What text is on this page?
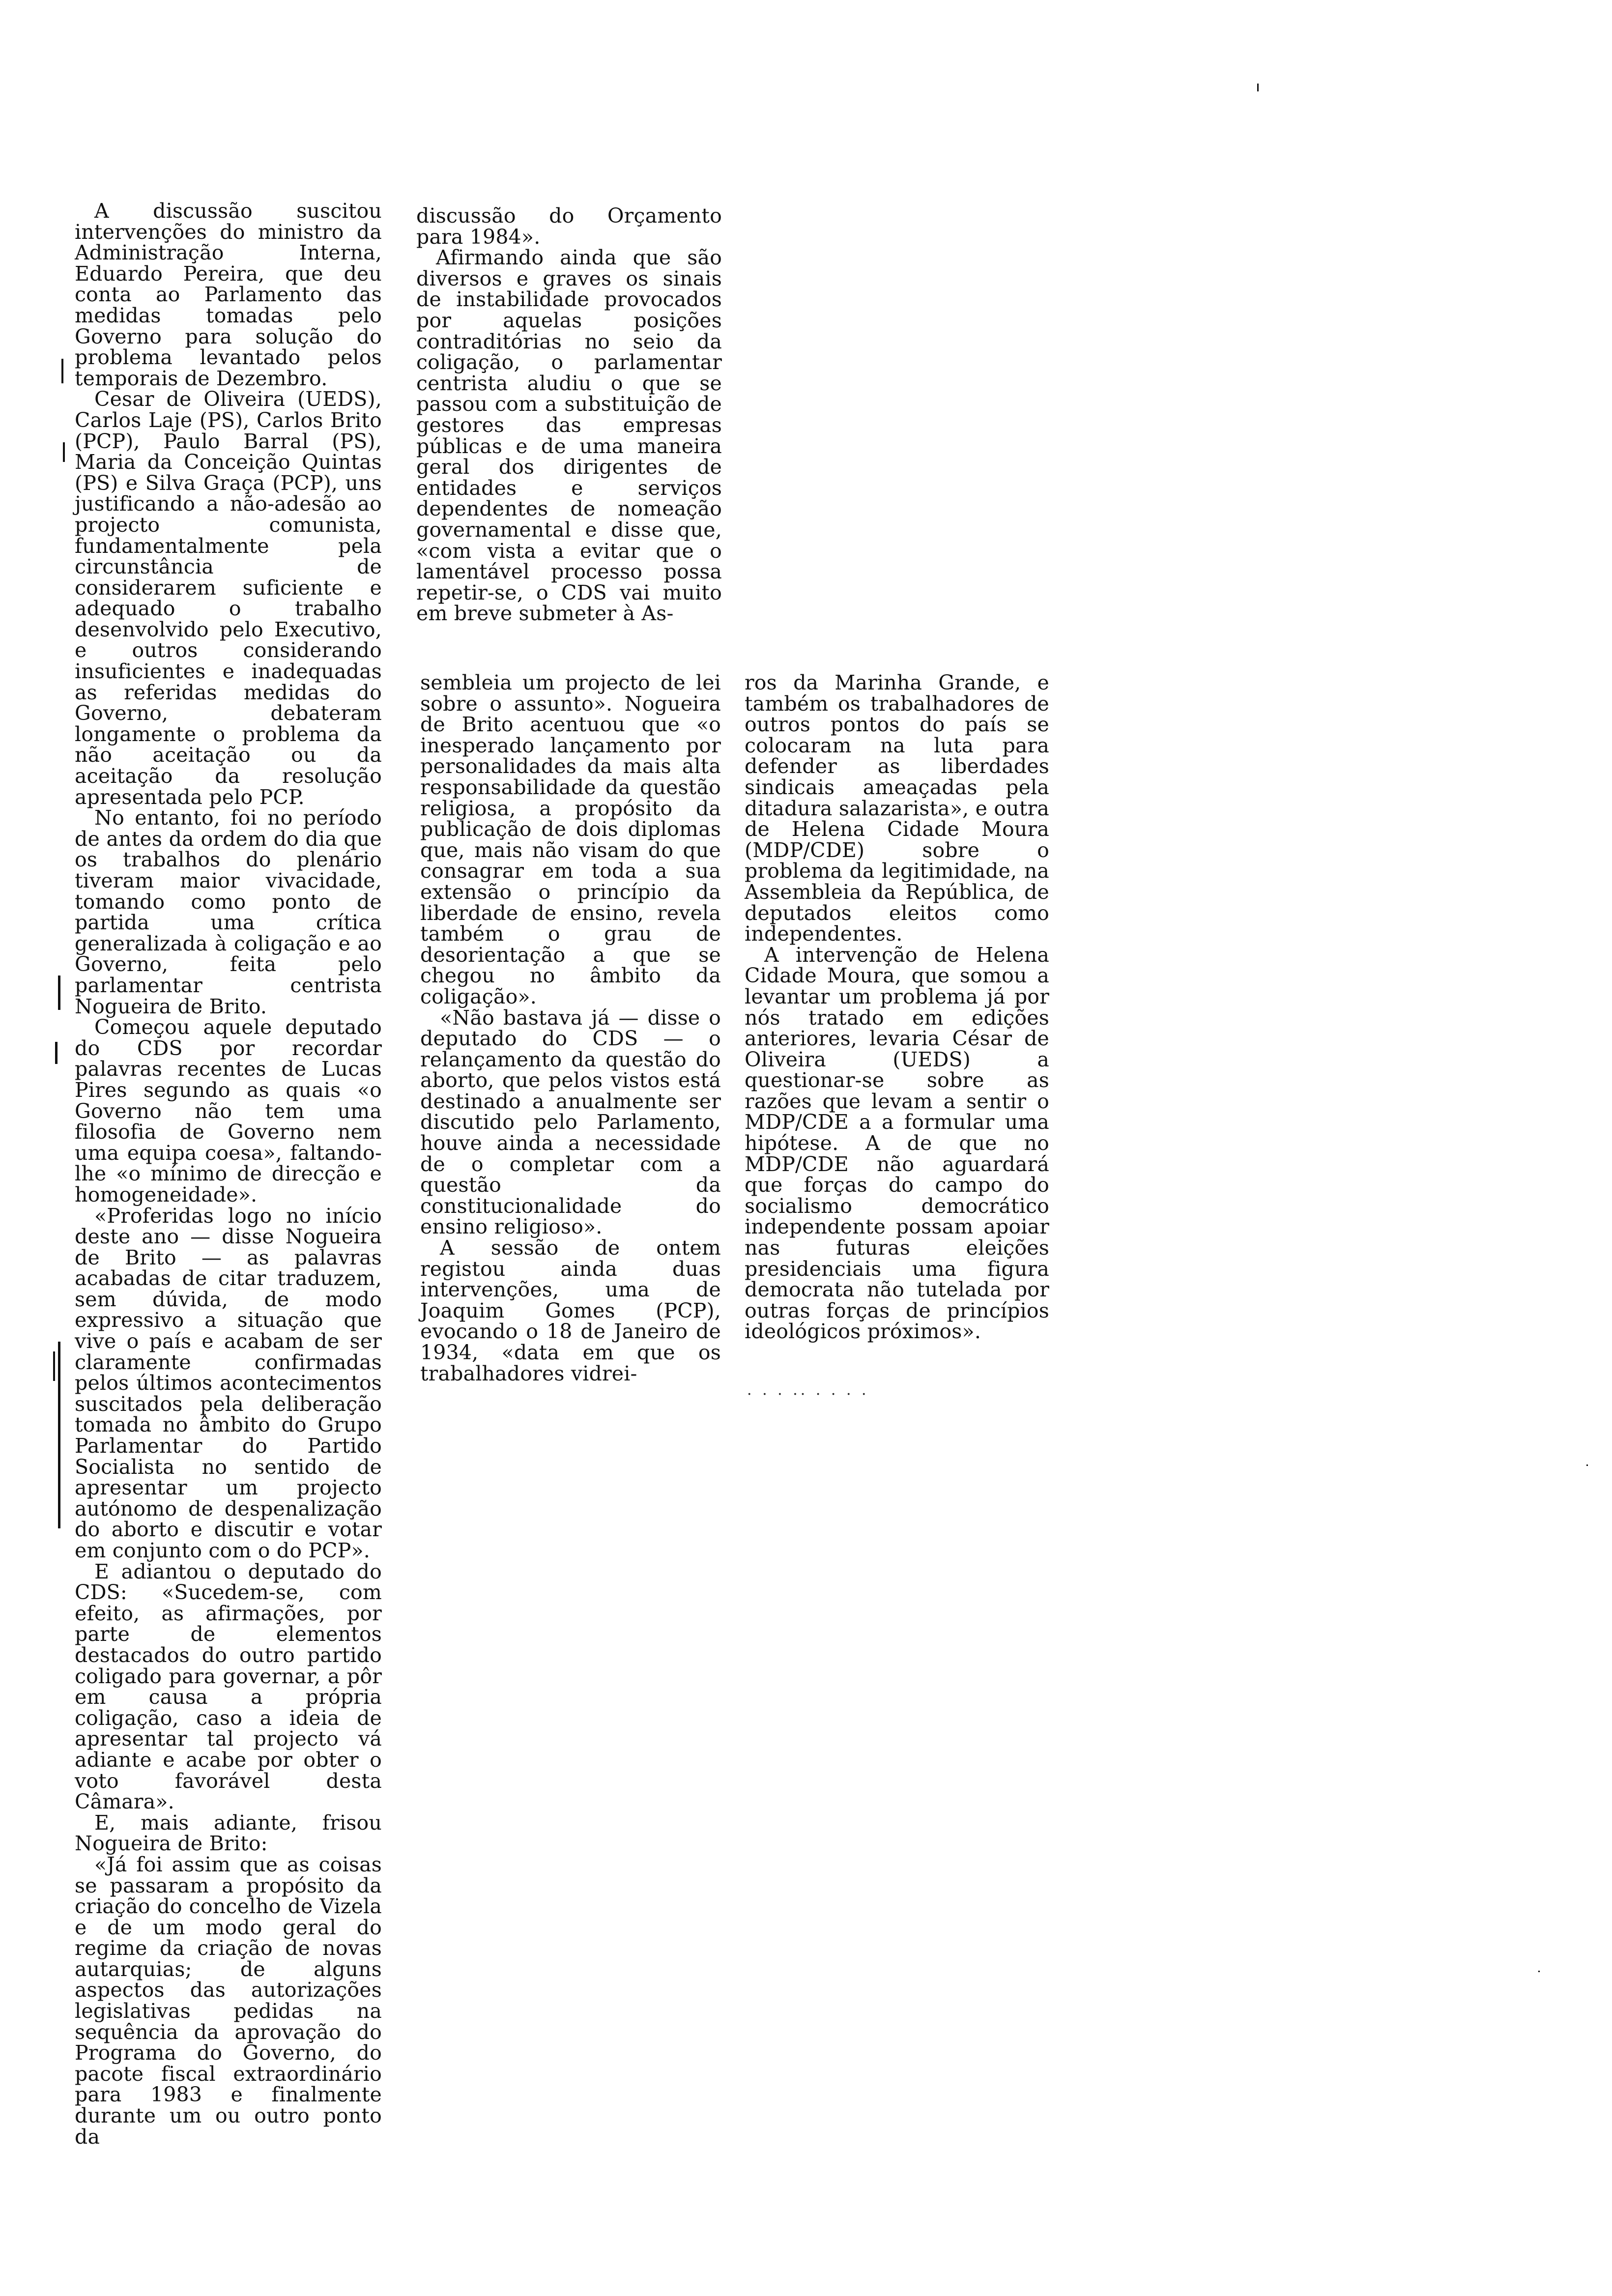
A discussão suscitou intervenções do ministro da Administração Interna, Eduardo Pereira, que deu conta ao Parlamento das medidas tomadas pelo Governo para solução do problema levantado pelos temporais de Dezembro.

Cesar de Oliveira (UEDS), Carlos Laje (PS), Carlos Brito (PCP), Paulo Barral (PS), Maria da Conceição Quintas (PS) e Silva Graça (PCP), uns justificando a não-adesão ao projecto comunista, fundamentalmente pela circunstância de considerarem suficiente e adequado o trabalho desenvolvido pelo Executivo, e outros considerando insuficientes e inadequadas as referidas medidas do Governo, debateram longamente o problema da não aceitação ou da aceitação da resolução apresentada pelo PCP.

No entanto, foi no período de antes da ordem do dia que os trabalhos do plenário tiveram maior vivacidade, tomando como ponto de partida uma crítica generalizada à coligação e ao Governo, feita pelo parlamentar centrista Nogueira de Brito.

Começou aquele deputado do CDS por recordar palavras recentes de Lucas Pires segundo as quais «o Governo não tem uma filosofia de Governo nem uma equipa coesa», faltando-lhe «o mínimo de direcção e homogeneidade».

«Proferidas logo no início deste ano — disse Nogueira de Brito — as palavras acabadas de citar traduzem, sem dúvida, de modo expressivo a situação que vive o país e acabam de ser claramente confirmadas pelos últimos acontecimentos suscitados pela deliberação tomada no âmbito do Grupo Parlamentar do Partido Socialista no sentido de apresentar um projecto autónomo de despenalização do aborto e discutir e votar em conjunto com o do PCP».

E adiantou o deputado do CDS: «Sucedem-se, com efeito, as afirmações, por parte de elementos destacados do outro partido coligado para governar, a pôr em causa a própria coligação, caso a ideia de apresentar tal projecto vá adiante e acabe por obter o voto favorável desta Câmara».

E, mais adiante, frisou Nogueira de Brito:

«Já foi assim que as coisas se passaram a propósito da criação do concelho de Vizela e de um modo geral do regime da criação de novas autarquias; de alguns aspectos das autorizações legislativas pedidas na sequência da aprovação do Programa do Governo, do pacote fiscal extraordinário para 1983 e finalmente durante um ou outro ponto da

discussão do Orçamento para 1984».

Afirmando ainda que são diversos e graves os sinais de instabilidade provocados por aquelas posições contraditórias no seio da coligação, o parlamentar centrista aludiu o que se passou com a substituição de gestores das empresas públicas e de uma maneira geral dos dirigentes de entidades e serviços dependentes de nomeação governamental e disse que, «com vista a evitar que o lamentável processo possa repetir-se, o CDS vai muito em breve submeter à As-

sembleia um projecto de lei sobre o assunto». Nogueira de Brito acentuou que «o inesperado lançamento por personalidades da mais alta responsabilidade da questão religiosa, a propósito da publicação de dois diplomas que, mais não visam do que consagrar em toda a sua extensão o princípio da liberdade de ensino, revela também o grau de desorientação a que se chegou no âmbito da coligação».

«Não bastava já — disse o deputado do CDS — o relançamento da questão do aborto, que pelos vistos está destinado a anualmente ser discutido pelo Parlamento, houve ainda a necessidade de o completar com a questão da constitucionalidade do ensino religioso».

A sessão de ontem registou ainda duas intervenções, uma de Joaquim Gomes (PCP), evocando o 18 de Janeiro de 1934, «data em que os trabalhadores vidrei-

ros da Marinha Grande, e também os trabalhadores de outros pontos do país se colocaram na luta para defender as liberdades sindicais ameaçadas pela ditadura salazarista», e outra de Helena Cidade Moura (MDP/CDE) sobre o problema da legitimidade, na Assembleia da República, de deputados eleitos como independentes.

A intervenção de Helena Cidade Moura, que somou a levantar um problema já por nós tratado em edições anteriores, levaria César de Oliveira (UEDS) a questionar-se sobre as razões que levam a sentir o MDP/CDE a a formular uma hipótese. A de que no MDP/CDE não aguardará que forças do campo do socialismo democrático independente possam apoiar nas futuras eleições presidenciais uma figura democrata não tutelada por outras forças de princípios ideológicos próximos».

· · · ·· · · · ·
